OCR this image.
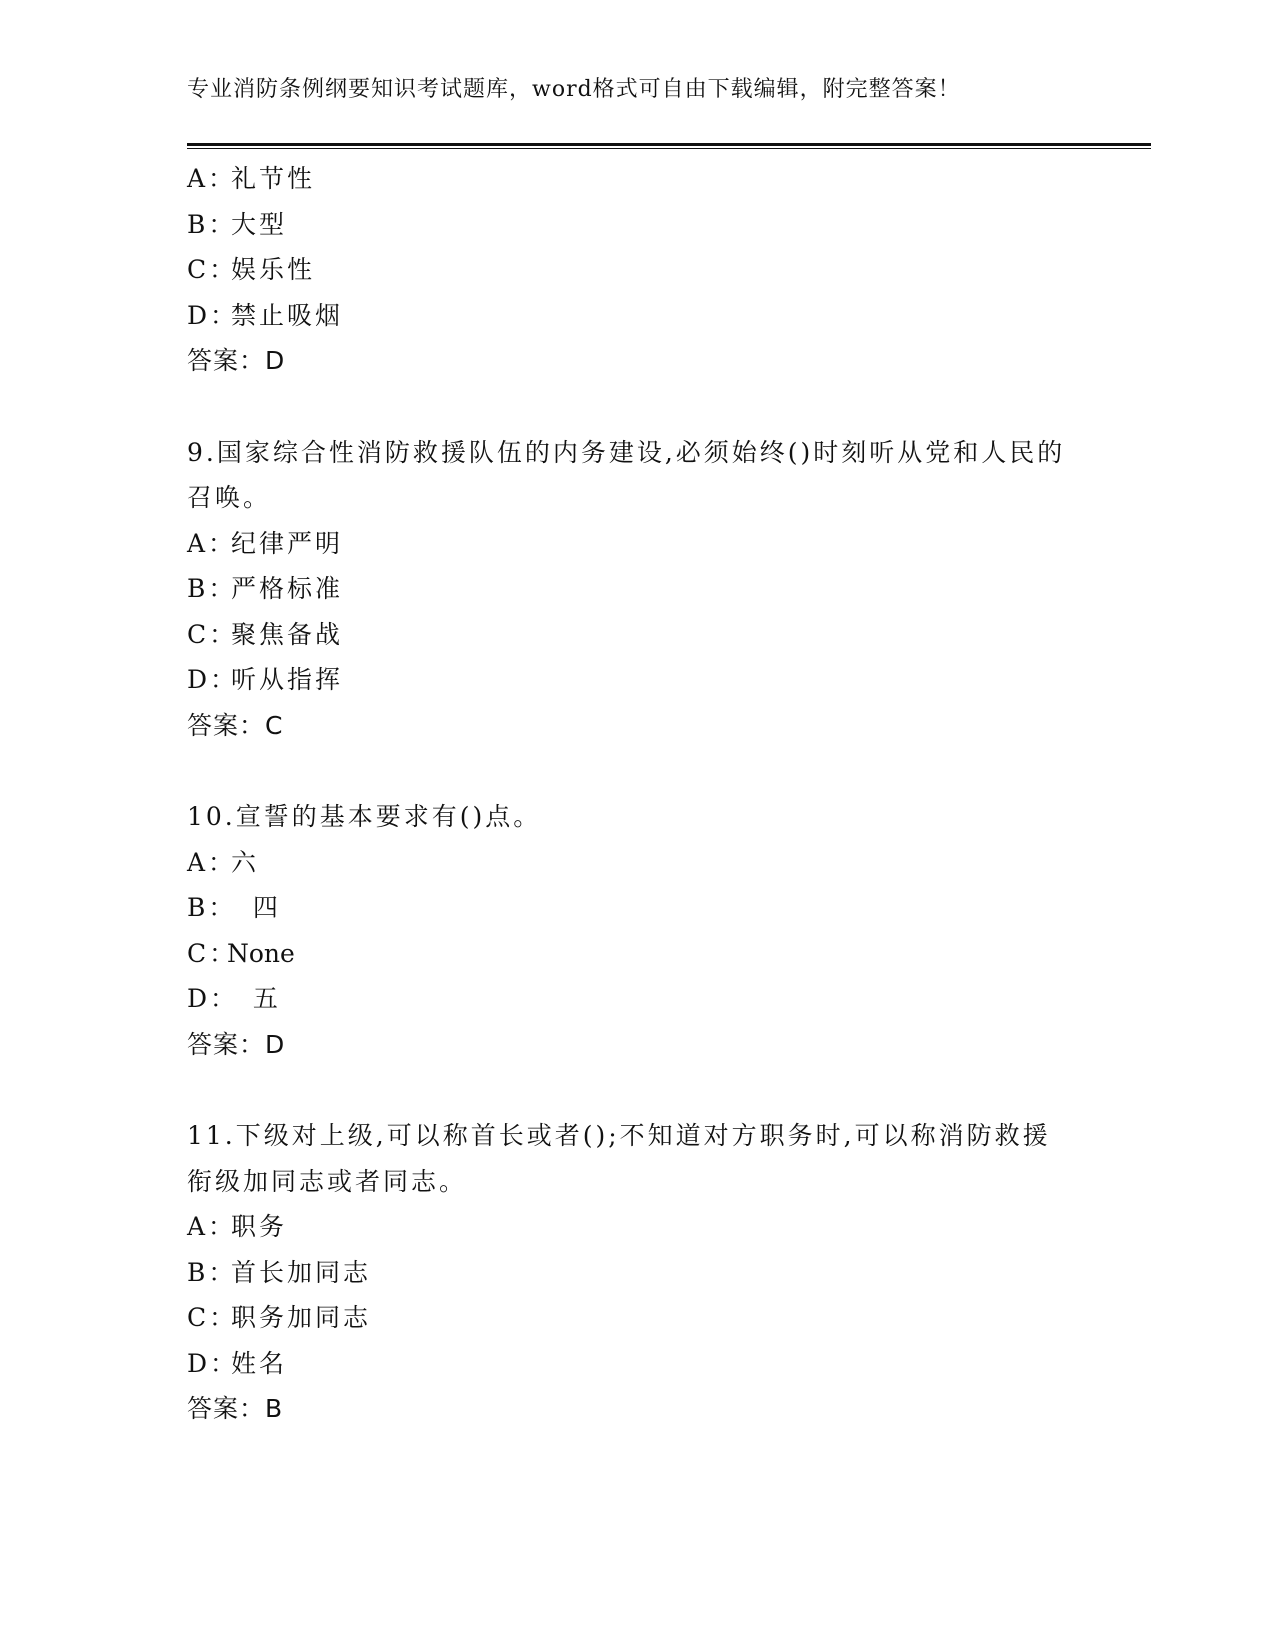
专业消防条例纲要知识考试题库，word格式可自由下载编辑，附完整答案！
A：礼节性
B：大型
C：娱乐性
D：禁止吸烟
答案：D
9.国家综合性消防救援队伍的内务建设,必须始终()时刻听从党和人民的召唤。
A：纪律严明
B：严格标准
C：聚焦备战
D：听从指挥
答案：C
10.宣誓的基本要求有()点。
A：六
B：  四
C：None
D：  五
答案：D
11.下级对上级,可以称首长或者();不知道对方职务时,可以称消防救援衔级加同志或者同志。
A：职务
B：首长加同志
C：职务加同志
D：姓名
答案：B
